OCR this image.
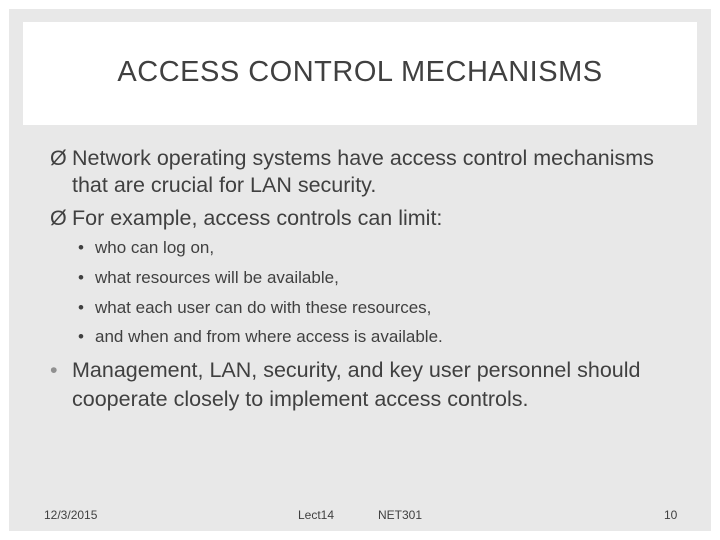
ACCESS CONTROL MECHANISMS
Ø Network operating systems have access control mechanisms that are crucial for LAN security.
Ø For example, access controls can limit:
• who can log on,
• what resources will be available,
• what each user can do with these resources,
• and when and from where access is available.
• Management, LAN, security, and key user personnel should cooperate closely to implement access controls.
12/3/2015	Lect14	NET301	10
